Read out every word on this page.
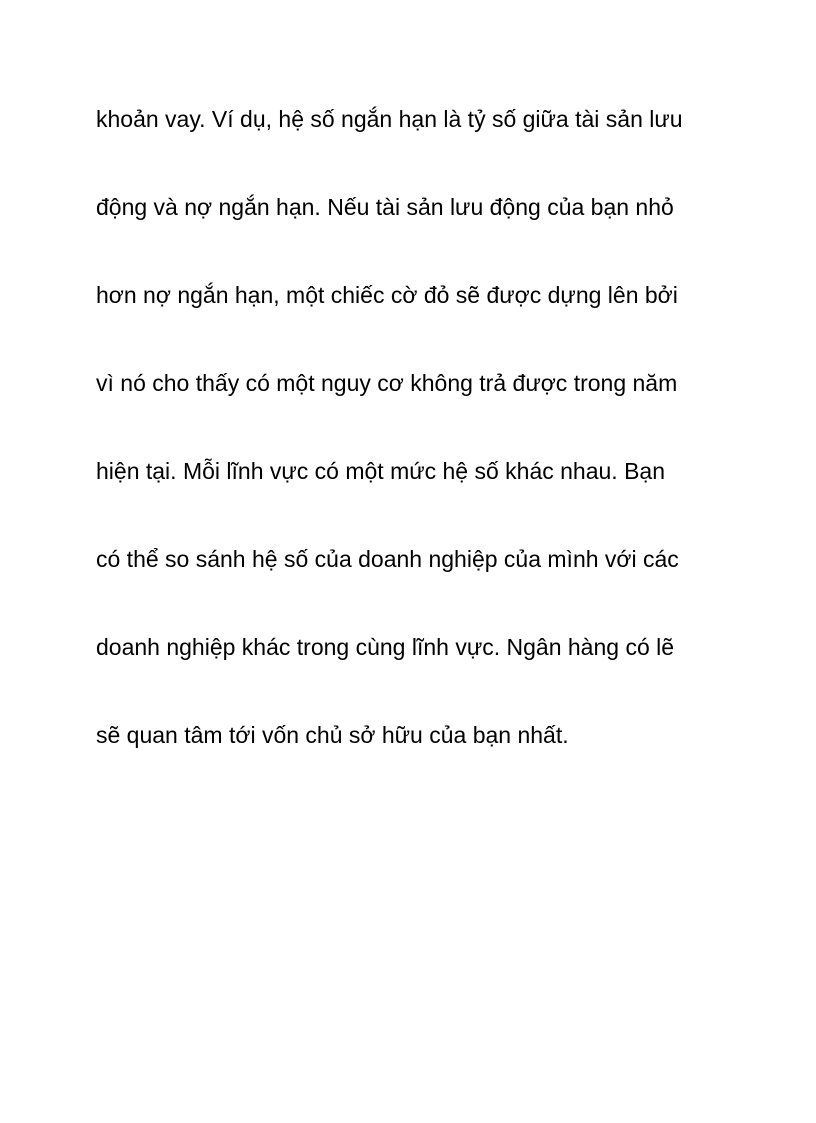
khoản vay. Ví dụ, hệ số ngắn hạn là tỷ số giữa tài sản lưu
động và nợ ngắn hạn. Nếu tài sản lưu động của bạn nhỏ
hơn nợ ngắn hạn, một chiếc cờ đỏ sẽ được dựng lên bởi
vì nó cho thấy có một nguy cơ không trả được trong năm
hiện tại. Mỗi lĩnh vực có một mức hệ số khác nhau. Bạn
có thể so sánh hệ số của doanh nghiệp của mình với các
doanh nghiệp khác trong cùng lĩnh vực. Ngân hàng có lẽ
sẽ quan tâm tới vốn chủ sở hữu của bạn nhất.
